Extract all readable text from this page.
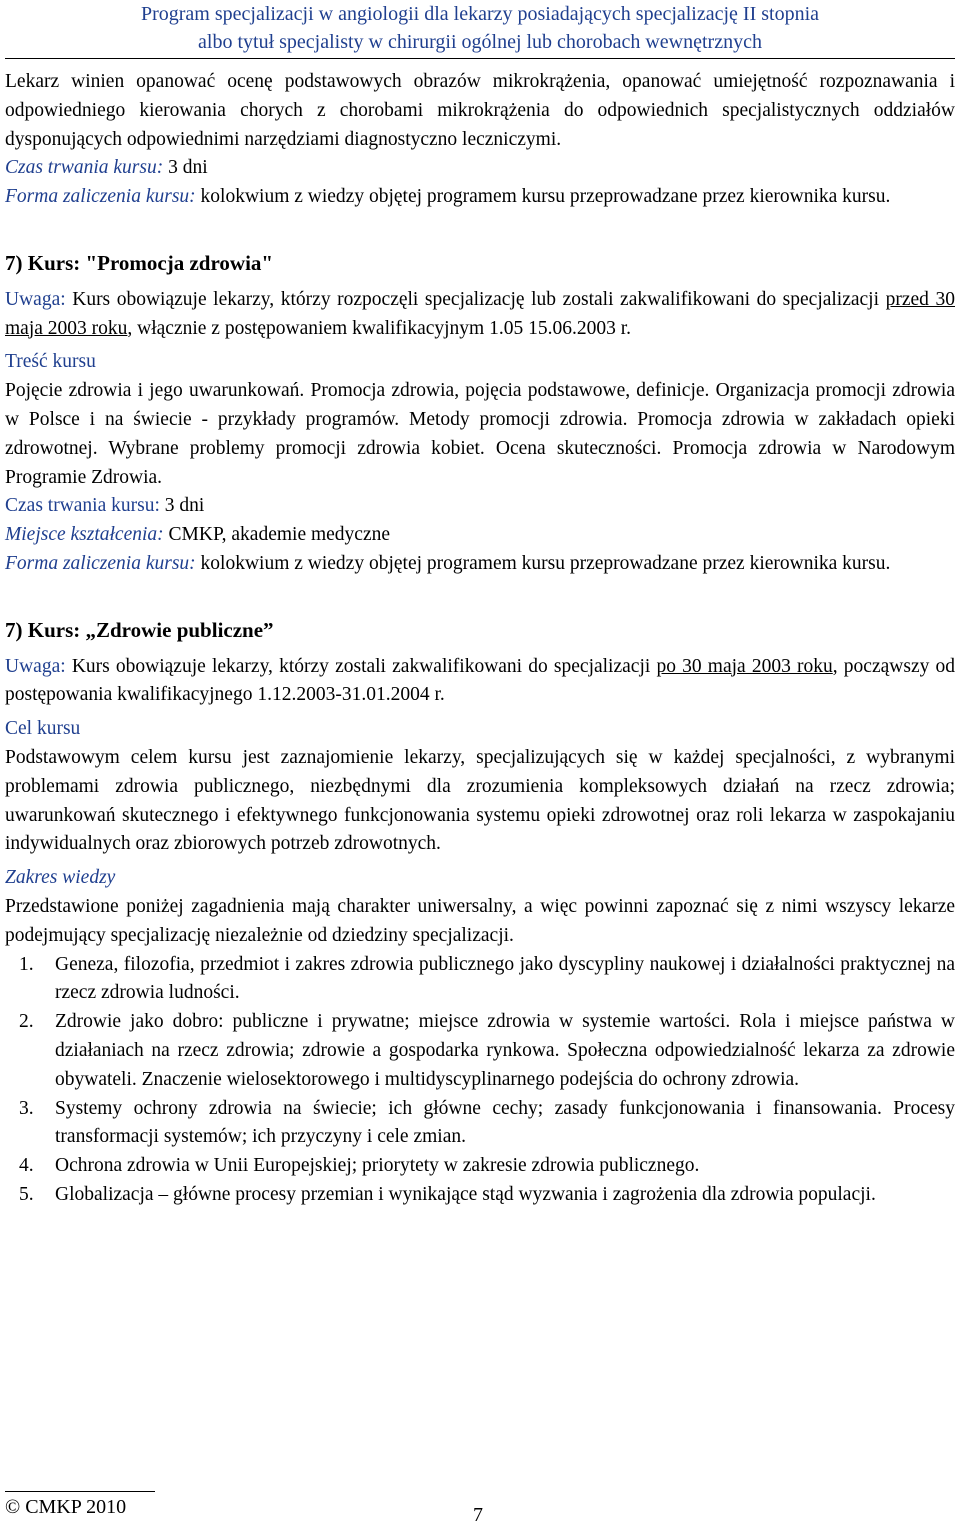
Program specjalizacji w angiologii dla lekarzy posiadających specjalizację II stopnia
albo tytuł specjalisty w chirurgii ogólnej lub chorobach wewnętrznych

Lekarz winien opanować ocenę podstawowych obrazów mikrokrążenia, opanować umiejętność rozpoznawania i odpowiedniego kierowania chorych z chorobami mikrokrążenia do odpowiednich specjalistycznych oddziałów dysponujących odpowiednimi narzędziami diagnostyczno leczniczymi.

Czas trwania kursu: 3 dni

Forma zaliczenia kursu: kolokwium z wiedzy objętej programem kursu przeprowadzane przez kierownika kursu.

7) Kurs: "Promocja zdrowia"

Uwaga: Kurs obowiązuje lekarzy, którzy rozpoczęli specjalizację lub zostali zakwalifikowani do specjalizacji przed 30 maja 2003 roku, włącznie z postępowaniem kwalifikacyjnym 1.05 15.06.2003 r.

Treść kursu

Pojęcie zdrowia i jego uwarunkowań. Promocja zdrowia, pojęcia podstawowe, definicje. Organizacja promocji zdrowia w Polsce i na świecie - przykłady programów. Metody promocji zdrowia. Promocja zdrowia w zakładach opieki zdrowotnej. Wybrane problemy promocji zdrowia kobiet. Ocena skuteczności. Promocja zdrowia w Narodowym Programie Zdrowia.

Czas trwania kursu: 3 dni

Miejsce kształcenia: CMKP, akademie medyczne

Forma zaliczenia kursu: kolokwium z wiedzy objętej programem kursu przeprowadzane przez kierownika kursu.

7) Kurs: „Zdrowie publiczne”

Uwaga: Kurs obowiązuje lekarzy, którzy zostali zakwalifikowani do specjalizacji po 30 maja 2003 roku, począwszy od postępowania kwalifikacyjnego 1.12.2003-31.01.2004 r.

Cel kursu

Podstawowym celem kursu jest zaznajomienie lekarzy, specjalizujących się w każdej specjalności, z wybranymi problemami zdrowia publicznego, niezbędnymi dla zrozumienia kompleksowych działań na rzecz zdrowia; uwarunkowań skutecznego i efektywnego funkcjonowania systemu opieki zdrowotnej oraz roli lekarza w zaspokajaniu indywidualnych oraz zbiorowych potrzeb zdrowotnych.

Zakres wiedzy

Przedstawione poniżej zagadnienia mają charakter uniwersalny, a więc powinni zapoznać się z nimi wszyscy lekarze podejmujący specjalizację niezależnie od dziedziny specjalizacji.

1. Geneza, filozofia, przedmiot i zakres zdrowia publicznego jako dyscypliny naukowej i działalności praktycznej na rzecz zdrowia ludności.
2. Zdrowie jako dobro: publiczne i prywatne; miejsce zdrowia w systemie wartości. Rola i miejsce państwa w działaniach na rzecz zdrowia; zdrowie a gospodarka rynkowa. Społeczna odpowiedzialność lekarza za zdrowie obywateli. Znaczenie wielosektorowego i multidyscyplinarnego podejścia do ochrony zdrowia.
3. Systemy ochrony zdrowia na świecie; ich główne cechy; zasady funkcjonowania i finansowania. Procesy transformacji systemów; ich przyczyny i cele zmian.
4. Ochrona zdrowia w Unii Europejskiej; priorytety w zakresie zdrowia publicznego.
5. Globalizacja – główne procesy przemian i wynikające stąd wyzwania i zagrożenia dla zdrowia populacji.
© CMKP 2010	7
